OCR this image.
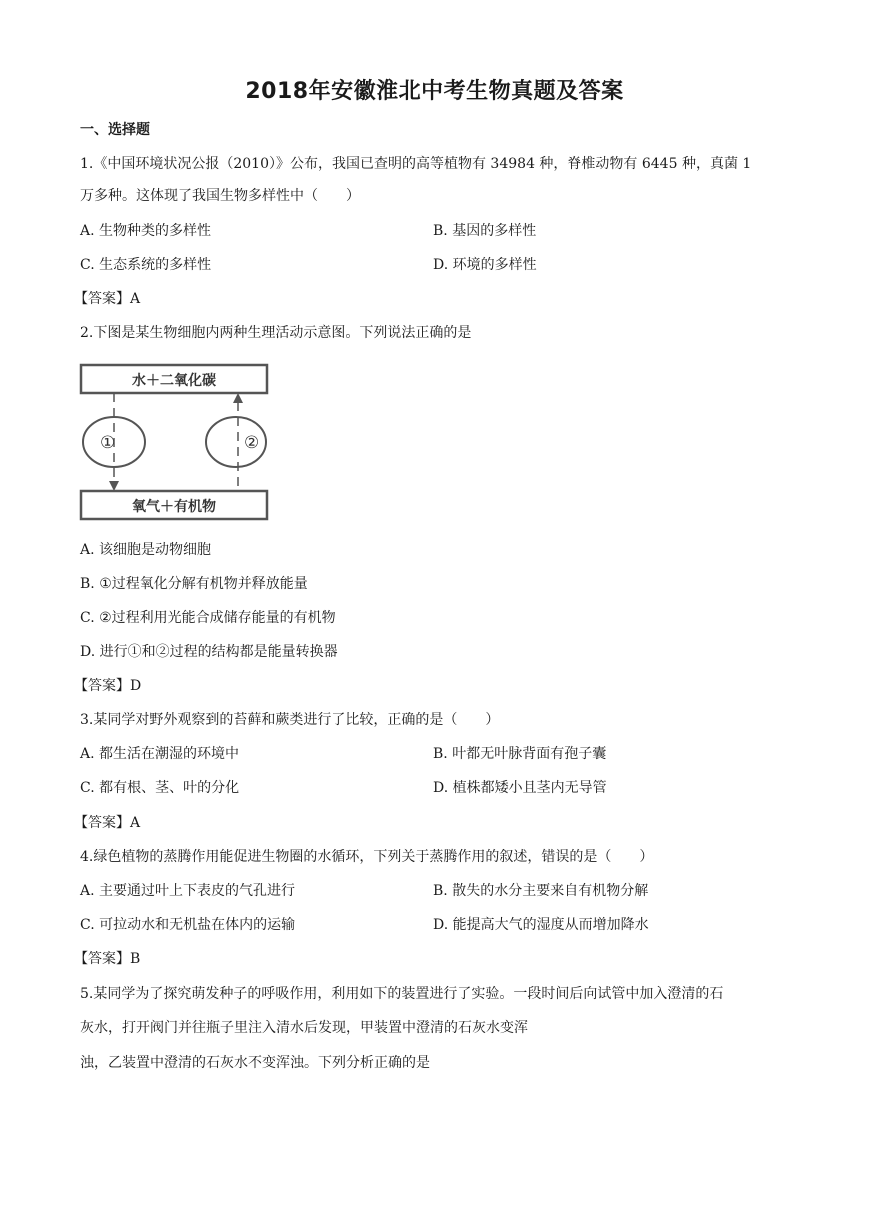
2018年安徽淮北中考生物真题及答案
一、选择题
1.《中国环境状况公报（2010）》公布，我国已查明的高等植物有 34984 种，脊椎动物有 6445 种，真菌 1
万多种。这体现了我国生物多样性中（　　）
A. 生物种类的多样性	B. 基因的多样性
C. 生态系统的多样性	D. 环境的多样性
【答案】A
2.下图是某生物细胞内两种生理活动示意图。下列说法正确的是
水＋二氧化碳
氧气＋有机物
①	②
A. 该细胞是动物细胞
B. ①过程氧化分解有机物并释放能量
C. ②过程利用光能合成储存能量的有机物
D. 进行①和②过程的结构都是能量转换器
【答案】D
3.某同学对野外观察到的苔藓和蕨类进行了比较，正确的是（　　）
A. 都生活在潮湿的环境中	B. 叶都无叶脉背面有孢子囊
C. 都有根、茎、叶的分化	D. 植株都矮小且茎内无导管
【答案】A
4.绿色植物的蒸腾作用能促进生物圈的水循环，下列关于蒸腾作用的叙述，错误的是（　　）
A. 主要通过叶上下表皮的气孔进行	B. 散失的水分主要来自有机物分解
C. 可拉动水和无机盐在体内的运输	D. 能提高大气的湿度从而增加降水
【答案】B
5.某同学为了探究萌发种子的呼吸作用，利用如下的装置进行了实验。一段时间后向试管中加入澄清的石
灰水，打开阀门并往瓶子里注入清水后发现，甲装置中澄清的石灰水变浑
浊，乙装置中澄清的石灰水不变浑浊。下列分析正确的是
